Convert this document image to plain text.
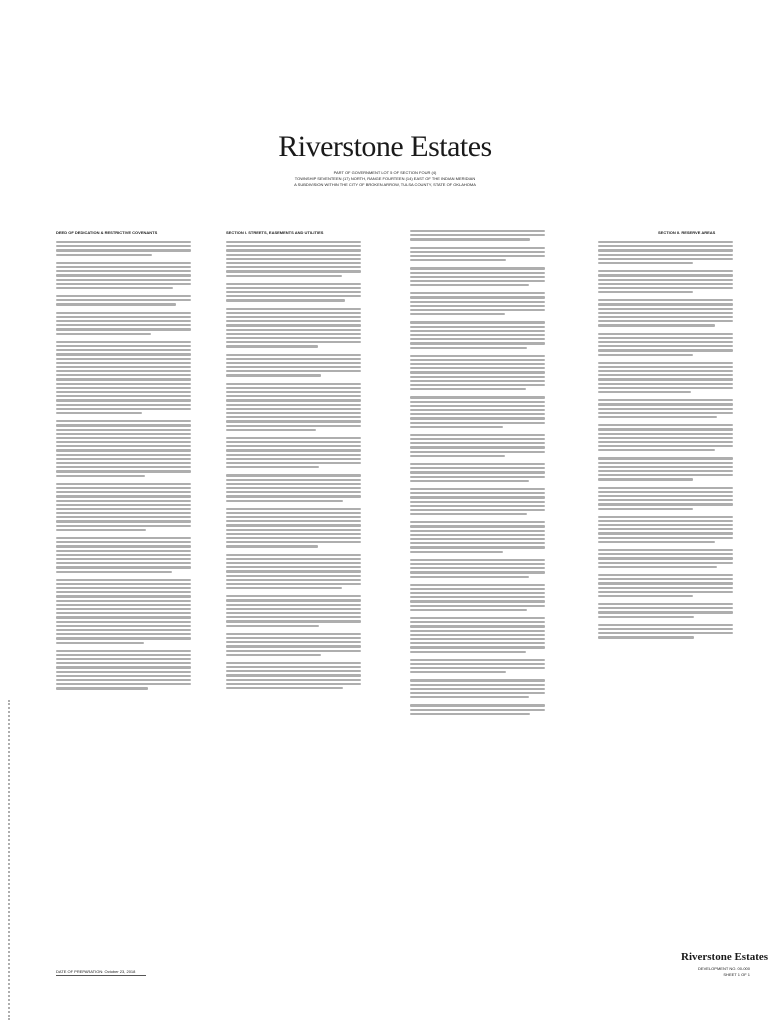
Riverstone Estates
PART OF GOVERNMENT LOT 5 OF SECTION FOUR (4)
TOWNSHIP SEVENTEEN (17) NORTH, RANGE FOURTEEN (14) EAST OF THE INDIAN MERIDIAN
A SUBDIVISION WITHIN THE CITY OF BROKEN ARROW, TULSA COUNTY, STATE OF OKLAHOMA
DEED OF DEDICATION & RESTRICTIVE COVENANTS	SECTION I. STREETS, EASEMENTS AND UTILITIES	SECTION II. RESERVE AREAS
DATE OF PREPARATION: October 23, 2018
Riverstone Estates
DEVELOPMENT NO. 00-000
SHEET 1 OF 1
